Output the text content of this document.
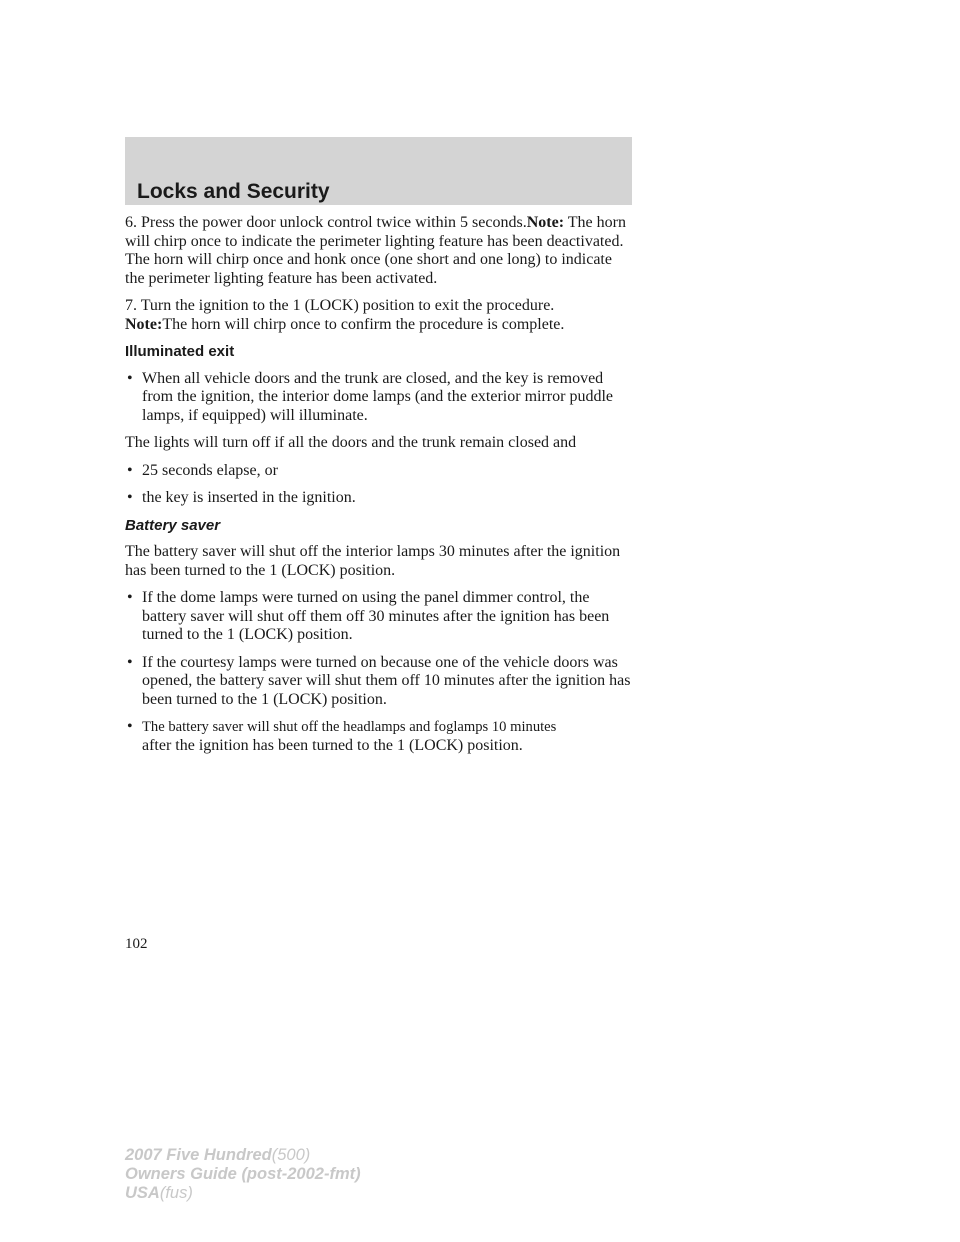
Locks and Security

6. Press the power door unlock control twice within 5 seconds.Note: The horn will chirp once to indicate the perimeter lighting feature has been deactivated. The horn will chirp once and honk once (one short and one long) to indicate the perimeter lighting feature has been activated.

7. Turn the ignition to the 1 (LOCK) position to exit the procedure.
Note:The horn will chirp once to confirm the procedure is complete.

Illuminated exit
• When all vehicle doors and the trunk are closed, and the key is removed from the ignition, the interior dome lamps (and the exterior mirror puddle lamps, if equipped) will illuminate.

The lights will turn off if all the doors and the trunk remain closed and

• 25 seconds elapse, or
• the key is inserted in the ignition.
Battery saver

The battery saver will shut off the interior lamps 30 minutes after the ignition has been turned to the 1 (LOCK) position.

• If the dome lamps were turned on using the panel dimmer control, the battery saver will shut off them off 30 minutes after the ignition has been turned to the 1 (LOCK) position.
• If the courtesy lamps were turned on because one of the vehicle doors was opened, the battery saver will shut them off 10 minutes after the ignition has been turned to the 1 (LOCK) position.
• The battery saver will shut off the headlamps and foglamps 10 minutes
after the ignition has been turned to the 1 (LOCK) position.
102
2007 Five Hundred(500)
Owners Guide (post-2002-fmt)
USA(fus)
